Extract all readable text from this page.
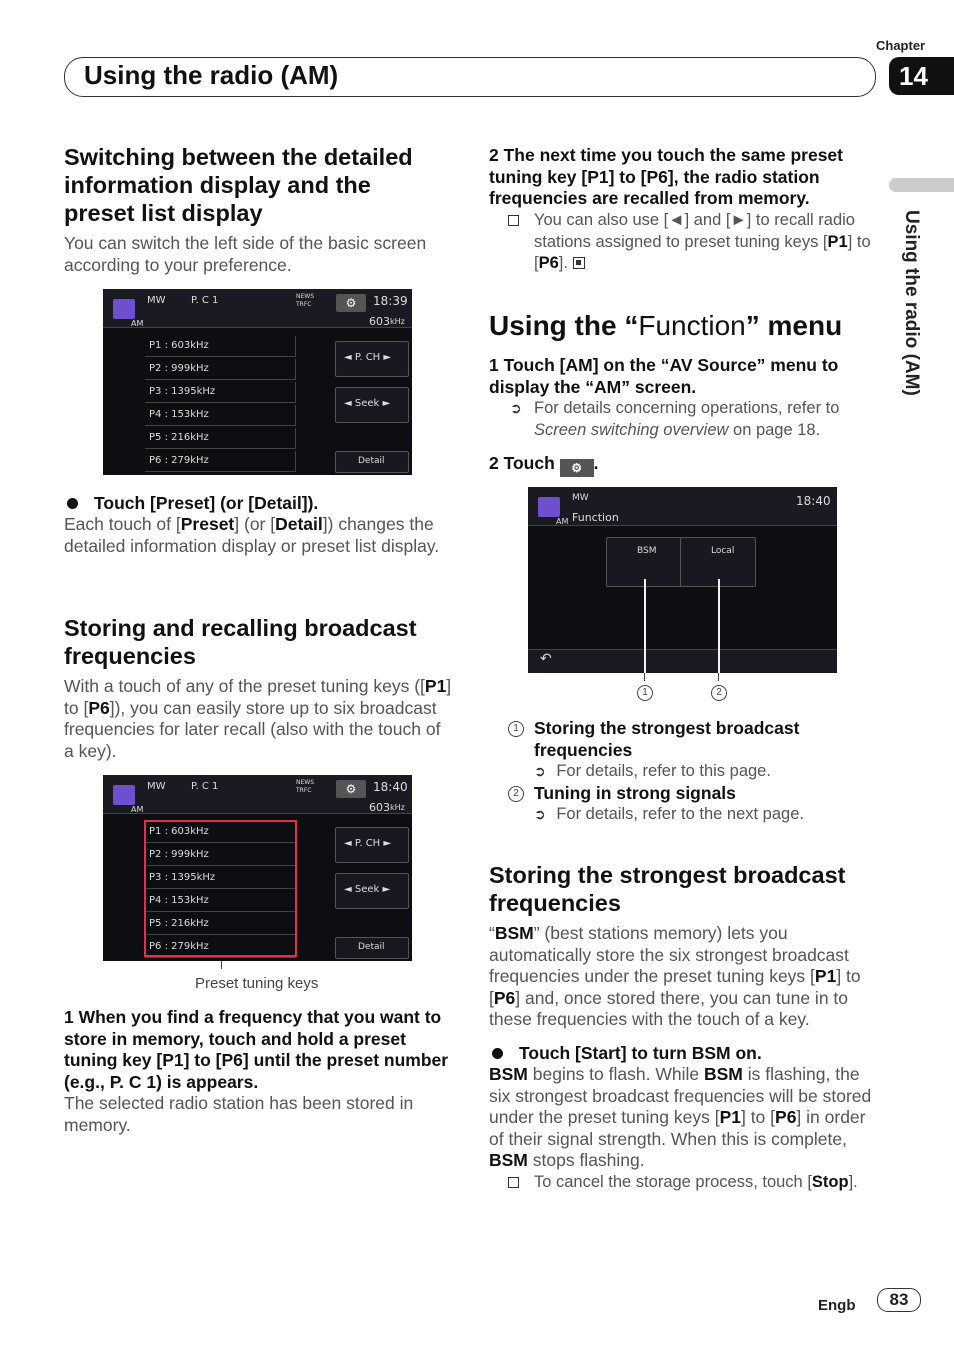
Using the radio (AM)
Chapter
14
Using the radio (AM)
Switching between the detailed information display and the preset list display
You can switch the left side of the basic screen according to your preference.
AM
MW	P. C 1	NEWS
TRFC	⚙	18:39
603 kHz
P1 : 603kHz
P2 : 999kHz
P3 : 1395kHz
P4 : 153kHz
P5 : 216kHz
P6 : 279kHz
◄ P. CH ►
◄ Seek ►
Detail
Touch [Preset] (or [Detail]).
Each touch of [Preset] (or [Detail]) changes the detailed information display or preset list display.
Storing and recalling broadcast frequencies
With a touch of any of the preset tuning keys ([P1] to [P6]), you can easily store up to six broadcast frequencies for later recall (also with the touch of a key).
AM
MW	P. C 1	NEWS
TRFC	⚙	18:40
603 kHz
P1 : 603kHz
P2 : 999kHz
P3 : 1395kHz
P4 : 153kHz
P5 : 216kHz
P6 : 279kHz
◄ P. CH ►
◄ Seek ►
Detail
Preset tuning keys
1 When you find a frequency that you want to store in memory, touch and hold a preset tuning key [P1] to [P6] until the preset number (e.g., P. C 1) is appears.
The selected radio station has been stored in memory.
2 The next time you touch the same preset tuning key [P1] to [P6], the radio station frequencies are recalled from memory.
You can also use [◄] and [►] to recall radio stations assigned to preset tuning keys [P1] to [P6].
Using the “Function” menu
1 Touch [AM] on the “AV Source” menu to display the “AM” screen.
➲ For details concerning operations, refer to Screen switching overview on page 18.
2 Touch ⚙ .
AM
MW
Function
18:40
BSM	Local
↶
1	2
1 Storing the strongest broadcast frequencies
➲ For details, refer to this page.
2 Tuning in strong signals
➲ For details, refer to the next page.
Storing the strongest broadcast frequencies
“BSM” (best stations memory) lets you automatically store the six strongest broadcast frequencies under the preset tuning keys [P1] to [P6] and, once stored there, you can tune in to these frequencies with the touch of a key.
Touch [Start] to turn BSM on.
BSM begins to flash. While BSM is flashing, the six strongest broadcast frequencies will be stored under the preset tuning keys [P1] to [P6] in order of their signal strength. When this is complete, BSM stops flashing.
To cancel the storage process, touch [Stop].
Engb	83
